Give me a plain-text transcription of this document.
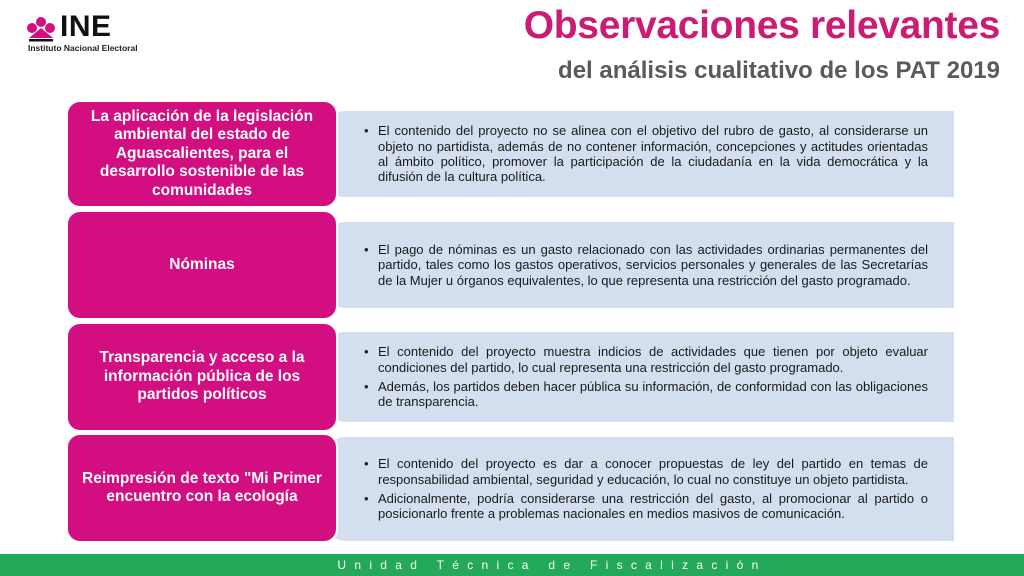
INE
Instituto Nacional Electoral
Observaciones relevantes
del análisis cualitativo de los PAT 2019
• El contenido del proyecto no se alinea con el objetivo del rubro de gasto, al considerarse un objeto no partidista, además de no contener información, concepciones y actitudes orientadas al ámbito político, promover la participación de la ciudadanía en la vida democrática y la difusión de la cultura política.
La aplicación de la legislación ambiental del estado de Aguascalientes, para el desarrollo sostenible de las comunidades
• El pago de nóminas es un gasto relacionado con las actividades ordinarias permanentes del partido, tales como los gastos operativos, servicios personales y generales de las Secretarías de la Mujer u órganos equivalentes, lo que representa una restricción del gasto programado.
Nóminas
• El contenido del proyecto muestra indicios de actividades que tienen por objeto evaluar condiciones del partido, lo cual representa una restricción del gasto programado.
• Además, los partidos deben hacer pública su información, de conformidad con las obligaciones de transparencia.
Transparencia y acceso a la información pública de los partidos políticos
• El contenido del proyecto es dar a conocer propuestas de ley del partido en temas de responsabilidad ambiental, seguridad y educación, lo cual no constituye un objeto partidista.
• Adicionalmente, podría considerarse una restricción del gasto, al promocionar al partido o posicionarlo frente a problemas nacionales en medios masivos de comunicación.
Reimpresión de texto "Mi Primer encuentro con la ecología
Unidad Técnica de Fiscalización
